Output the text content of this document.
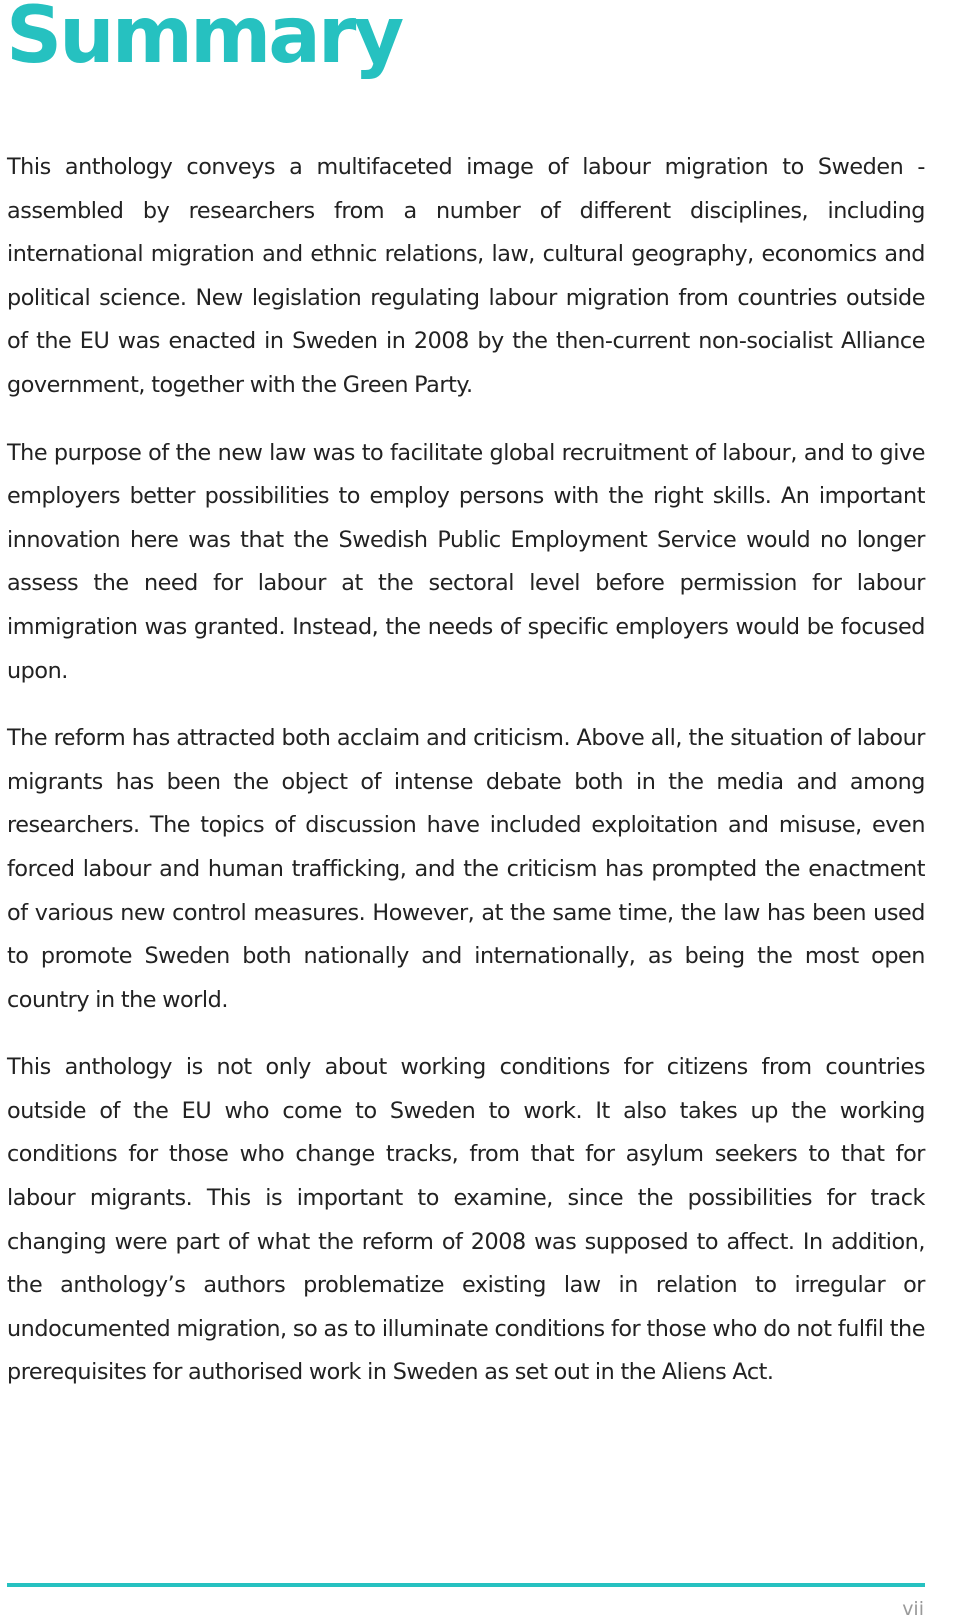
Summary

This anthology conveys a multifaceted image of labour migration to Sweden - assembled by researchers from a number of different disciplines, including international migration and ethnic relations, law, cultural geography, economics and political science. New legislation regulating labour migration from countries outside of the EU was enacted in Sweden in 2008 by the then-current non-socialist Alliance government, together with the Green Party.

The purpose of the new law was to facilitate global recruitment of labour, and to give employers better possibilities to employ persons with the right skills. An important innovation here was that the Swedish Public Employment Service would no longer assess the need for labour at the sectoral level before permission for labour immigration was granted. Instead, the needs of specific employers would be focused upon.

The reform has attracted both acclaim and criticism. Above all, the situation of labour migrants has been the object of intense debate both in the media and among researchers. The topics of discussion have included exploitation and misuse, even forced labour and human trafficking, and the criticism has prompted the enactment of various new control measures. However, at the same time, the law has been used to promote Sweden both nationally and internationally, as being the most open country in the world.

This anthology is not only about working conditions for citizens from countries outside of the EU who come to Sweden to work. It also takes up the working conditions for those who change tracks, from that for asylum seekers to that for labour migrants. This is important to examine, since the possibilities for track changing were part of what the reform of 2008 was supposed to affect. In addition, the anthology’s authors problematize existing law in relation to irregular or undocumented migration, so as to illuminate conditions for those who do not fulfil the prerequisites for authorised work in Sweden as set out in the Aliens Act.

vii
